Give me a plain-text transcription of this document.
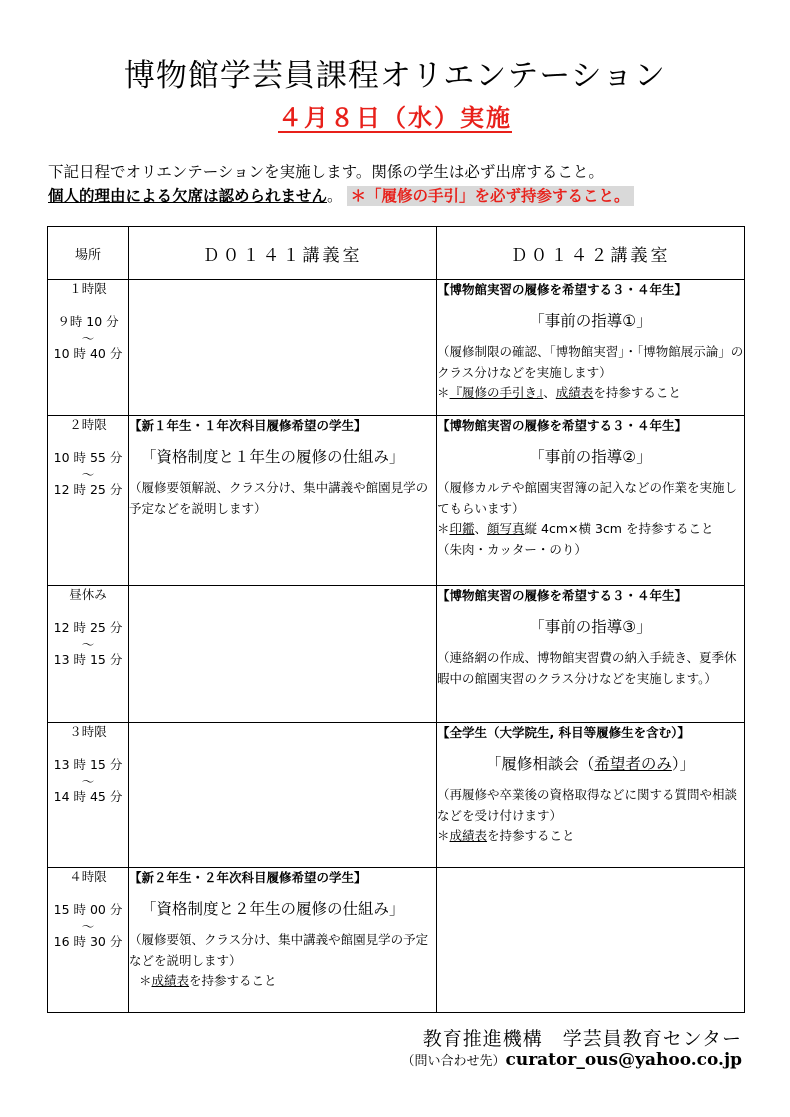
博物館学芸員課程オリエンテーション
４月８日（水）実施
下記日程でオリエンテーションを実施します。関係の学生は必ず出席すること。
個人的理由による欠席は認められません。 ＊「履修の手引」を必ず持参すること。
場所	Ｄ０１４１講義室	Ｄ０１４２講義室

１時限
９時 10 分
～
10 時 40 分		【博物館実習の履修を希望する３・４年生】
「事前の指導①」
（履修制限の確認、「博物館実習」・「博物館展示論」のクラス分けなどを実施します）
＊『履修の手引き』、成績表を持参すること

２時限
10 時 55 分
～
12 時 25 分	【新１年生・１年次科目履修希望の学生】
「資格制度と１年生の履修の仕組み」
（履修要領解説、クラス分け、集中講義や館園見学の予定などを説明します）	【博物館実習の履修を希望する３・４年生】
「事前の指導②」
（履修カルテや館園実習簿の記入などの作業を実施してもらいます）
＊印鑑、顔写真縦 4cm×横 3cm を持参すること
（朱肉・カッター・のり）

昼休み
12 時 25 分
～
13 時 15 分		【博物館実習の履修を希望する３・４年生】
「事前の指導③」
（連絡網の作成、博物館実習費の納入手続き、夏季休暇中の館園実習のクラス分けなどを実施します。）

３時限
13 時 15 分
～
14 時 45 分		【全学生（大学院生, 科目等履修生を含む）】
「履修相談会（希望者のみ）」
（再履修や卒業後の資格取得などに関する質問や相談などを受け付けます）
＊成績表を持参すること

４時限
15 時 00 分
～
16 時 30 分	【新２年生・２年次科目履修希望の学生】
「資格制度と２年生の履修の仕組み」
（履修要領、クラス分け、集中講義や館園見学の予定などを説明します）
＊成績表を持参すること	

教育推進機構　学芸員教育センター
（問い合わせ先）curator_ous@yahoo.co.jp
